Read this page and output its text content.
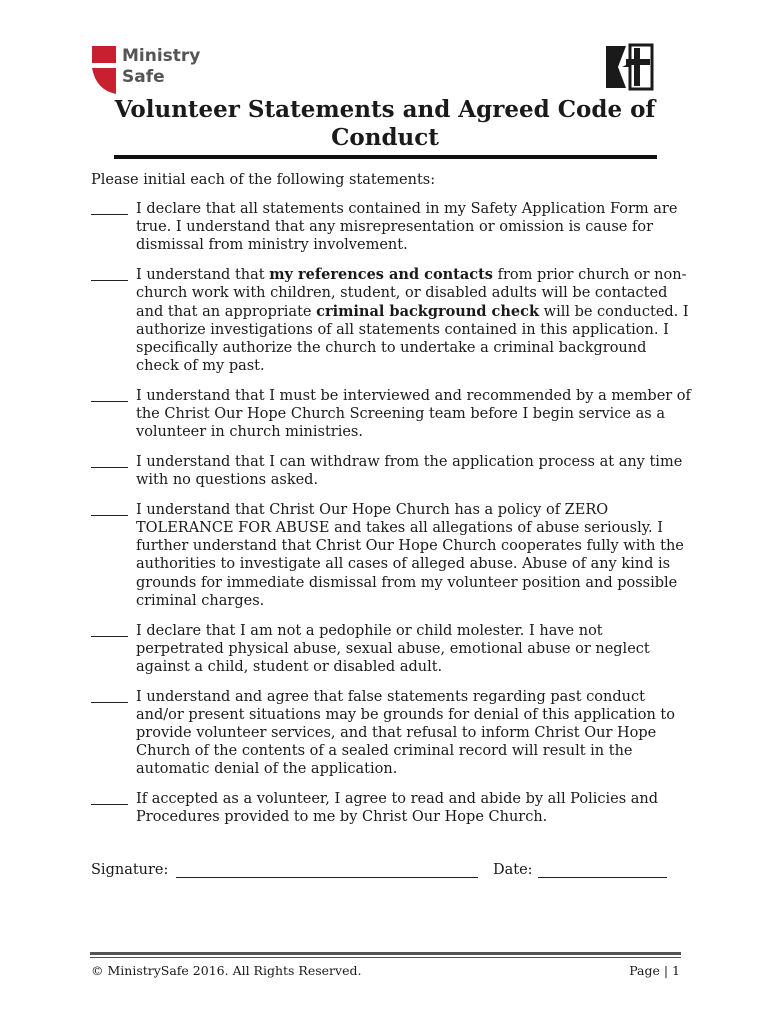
Ministry
Safe
Volunteer Statements and Agreed Code of Conduct
Please initial each of the following statements:
I declare that all statements contained in my Safety Application Form are true. I understand that any misrepresentation or omission is cause for dismissal from ministry involvement.
I understand that my references and contacts from prior church or non-church work with children, student, or disabled adults will be contacted and that an appropriate criminal background check will be conducted. I authorize investigations of all statements contained in this application. I specifically authorize the church to undertake a criminal background check of my past.
I understand that I must be interviewed and recommended by a member of the Christ Our Hope Church Screening team before I begin service as a volunteer in church ministries.
I understand that I can withdraw from the application process at any time with no questions asked.
I understand that Christ Our Hope Church has a policy of ZERO TOLERANCE FOR ABUSE and takes all allegations of abuse seriously. I further understand that Christ Our Hope Church cooperates fully with the authorities to investigate all cases of alleged abuse. Abuse of any kind is grounds for immediate dismissal from my volunteer position and possible criminal charges.
I declare that I am not a pedophile or child molester. I have not perpetrated physical abuse, sexual abuse, emotional abuse or neglect against a child, student or disabled adult.
I understand and agree that false statements regarding past conduct and/or present situations may be grounds for denial of this application to provide volunteer services, and that refusal to inform Christ Our Hope Church of the contents of a sealed criminal record will result in the automatic denial of the application.
If accepted as a volunteer, I agree to read and abide by all Policies and Procedures provided to me by Christ Our Hope Church.
Signature:	Date:
© MinistrySafe 2016. All Rights Reserved.	Page | 1
